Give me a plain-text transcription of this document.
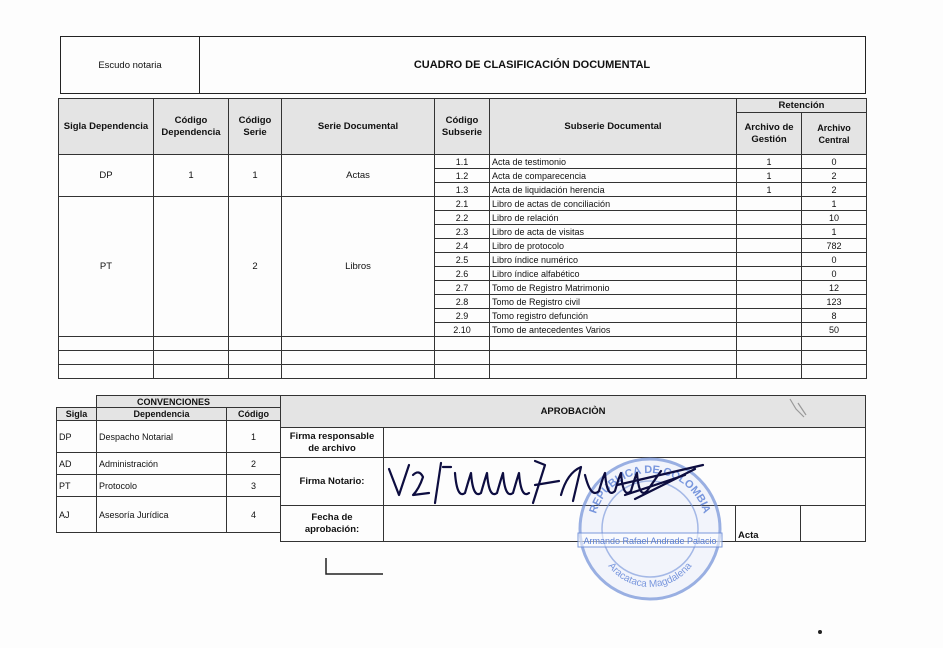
Escudo notaria	CUADRO DE CLASIFICACIÓN DOCUMENTAL
Sigla Dependencia	Código Dependencia	Código Serie	Serie Documental	Código Subserie	Subserie Documental	Retención	
						Archivo de Gestión	Archivo Central
DP	1	1	Actas	1.1	Acta de testimonio	1	0
				1.2	Acta de comparecencia	1	2
				1.3	Acta de liquidación herencia	1	2
PT		2	Libros	2.1	Libro de actas de conciliación		1
				2.2	Libro de relación		10
				2.3	Libro de acta de visitas		1
				2.4	Libro de protocolo		782
				2.5	Libro índice numérico		0
				2.6	Libro índice alfabético		0
				2.7	Tomo de Registro Matrimonio		12
				2.8	Tomo de Registro civil		123
				2.9	Tomo registro defunción		8
				2.10	Tomo de antecedentes Varios		50

	CONVENCIONES	
Sigla	Dependencia	Código
DP	Despacho Notarial	1
AD	Administración	2
PT	Protocolo	3
AJ	Asesoría Jurídica	4
APROBACIÒN			
Firma responsable de archivo			
Firma Notario:			
Fecha de aprobación:		Acta	
REPUBLICA DE COLOMBIA
Aracataca Magdalena
Armando Rafael Andrade Palacio
